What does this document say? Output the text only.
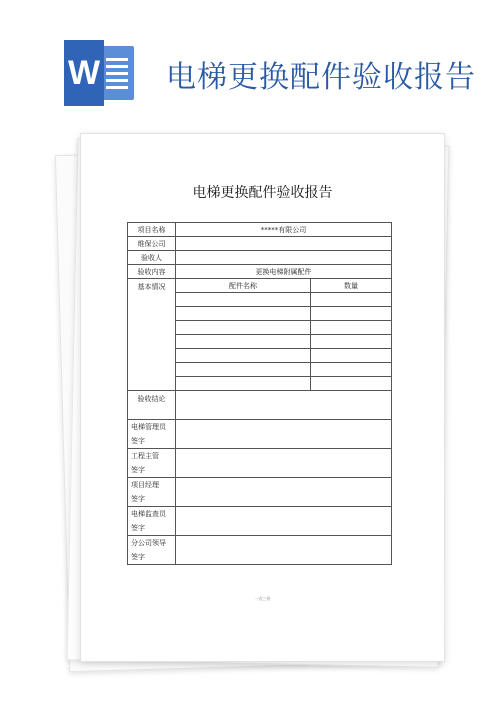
W 电梯更换配件验收报告
电梯更换配件验收报告
项目名称	*****有限公司	
维保公司		
验收人		
验收内容	更换电梯附属配件	
基本情况	配件名称	数量

验收结论		

电梯管理员
签字		

工程主管
签字		

项目经理
签字		

电梯监查员
签字		

分公司领导
签字		

一式三份
